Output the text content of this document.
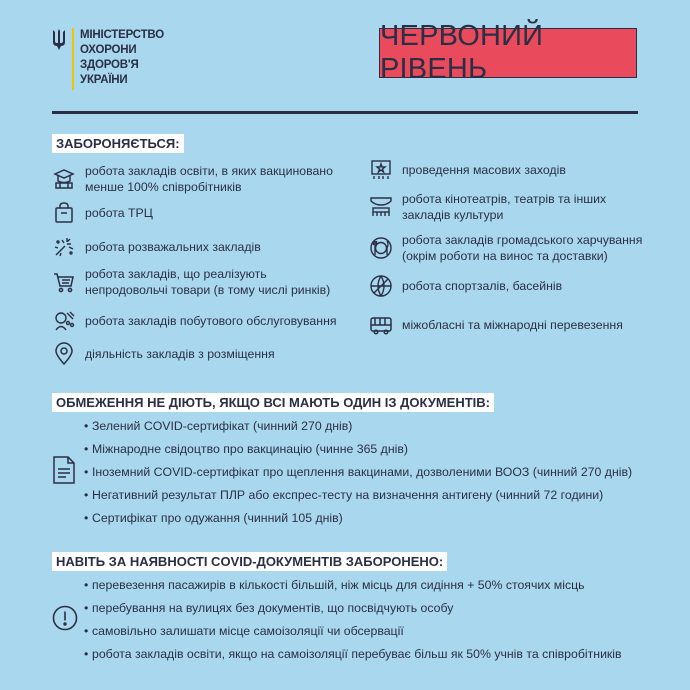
МІНІСТЕРСТВО
ОХОРОНИ
ЗДОРОВ'Я
УКРАЇНИ
ЧЕРВОНИЙ РІВЕНЬ
ЗАБОРОНЯЄТЬСЯ:
робота закладів освіти, в яких вакциновано менше 100% співробітників
робота ТРЦ
робота розважальних закладів
робота закладів, що реалізують непродовольчі товари (в тому числі ринків)
робота закладів побутового обслуговування
діяльність закладів з розміщення
проведення масових заходів
робота кінотеатрів, театрів та інших закладів культури
робота закладів громадського харчування (окрім роботи на винос та доставки)
робота спортзалів, басейнів
міжобласні та міжнародні перевезення
ОБМЕЖЕННЯ НЕ ДІЮТЬ, ЯКЩО ВСІ МАЮТЬ ОДИН ІЗ ДОКУМЕНТІВ:
• Зелений COVID-сертифікат (чинний 270 днів)
• Міжнародне свідоцтво про вакцинацію (чинне 365 днів)
• Іноземний COVID-сертифікат про щеплення вакцинами, дозволеними ВООЗ (чинний 270 днів)
• Негативний результат ПЛР або експрес-тесту на визначення антигену (чинний 72 години)
• Сертифікат про одужання (чинний 105 днів)
НАВІТЬ ЗА НАЯВНОСТІ COVID-ДОКУМЕНТІВ ЗАБОРОНЕНО:
• перевезення пасажирів в кількості більшій, ніж місць для сидіння + 50% стоячих місць
• перебування на вулицях без документів, що посвідчують особу
• самовільно залишати місце самоізоляції чи обсервації
• робота закладів освіти, якщо на самоізоляції перебуває більш як 50% учнів та співробітників
